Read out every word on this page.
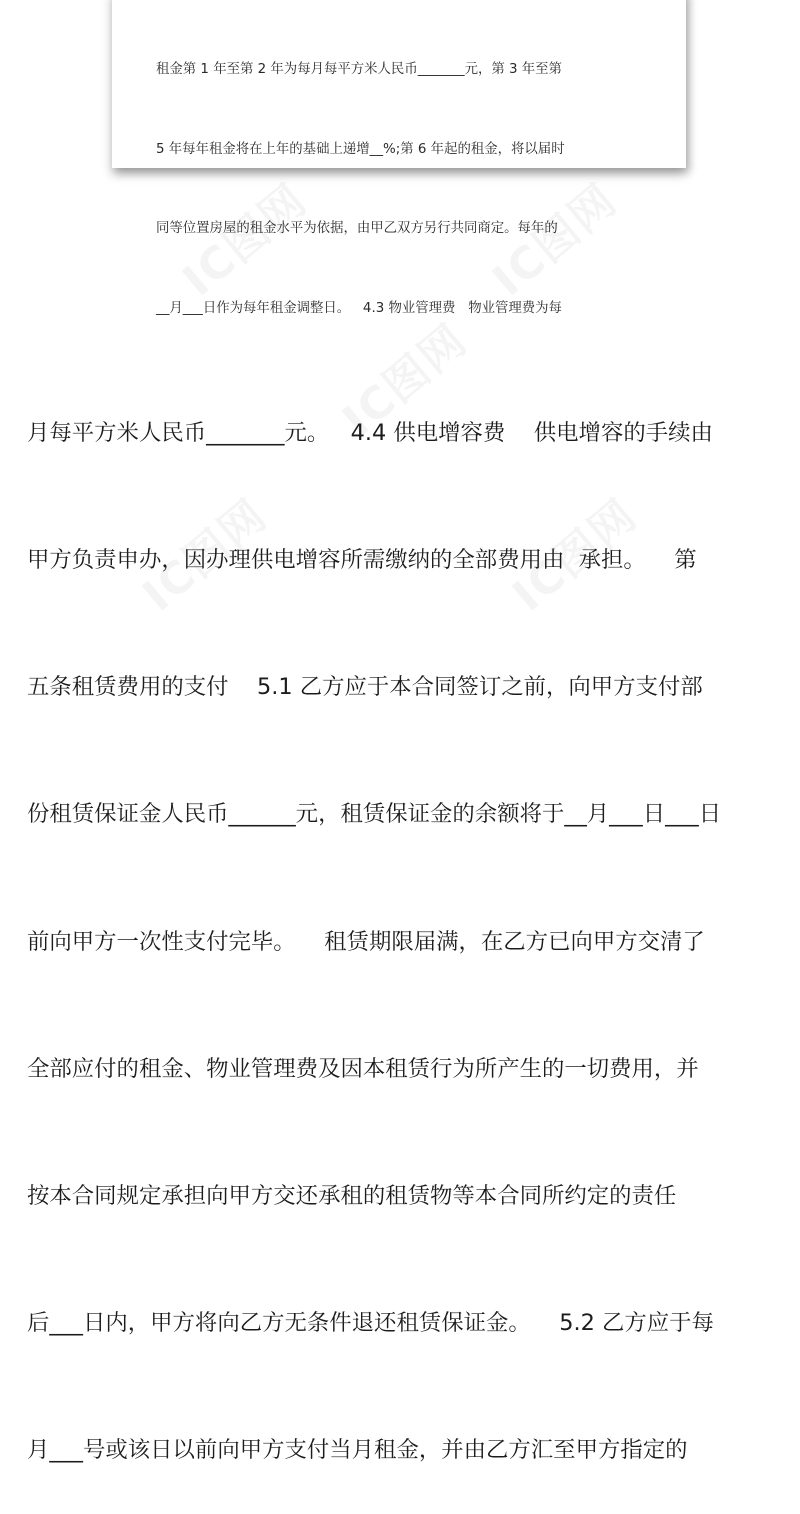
租金第 1 年至第 2 年为每月每平方米人民币_______元，第 3 年至第

5 年每年租金将在上年的基础上递增__%;第 6 年起的租金，将以届时

同等位置房屋的租金水平为依据，由甲乙双方另行共同商定。每年的

__月___日作为每年租金调整日。   4.3 物业管理费   物业管理费为每

月每平方米人民币_______元。   4.4 供电增容费    供电增容的手续由

甲方负责申办，因办理供电增容所需缴纳的全部费用由  承担。    第

五条租赁费用的支付    5.1 乙方应于本合同签订之前，向甲方支付部

份租赁保证金人民币______元，租赁保证金的余额将于__月___日___日

前向甲方一次性支付完毕。    租赁期限届满，在乙方已向甲方交清了

全部应付的租金、物业管理费及因本租赁行为所产生的一切费用，并

按本合同规定承担向甲方交还承租的租赁物等本合同所约定的责任

后___日内，甲方将向乙方无条件退还租赁保证金。    5.2 乙方应于每

月___号或该日以前向甲方支付当月租金，并由乙方汇至甲方指定的
